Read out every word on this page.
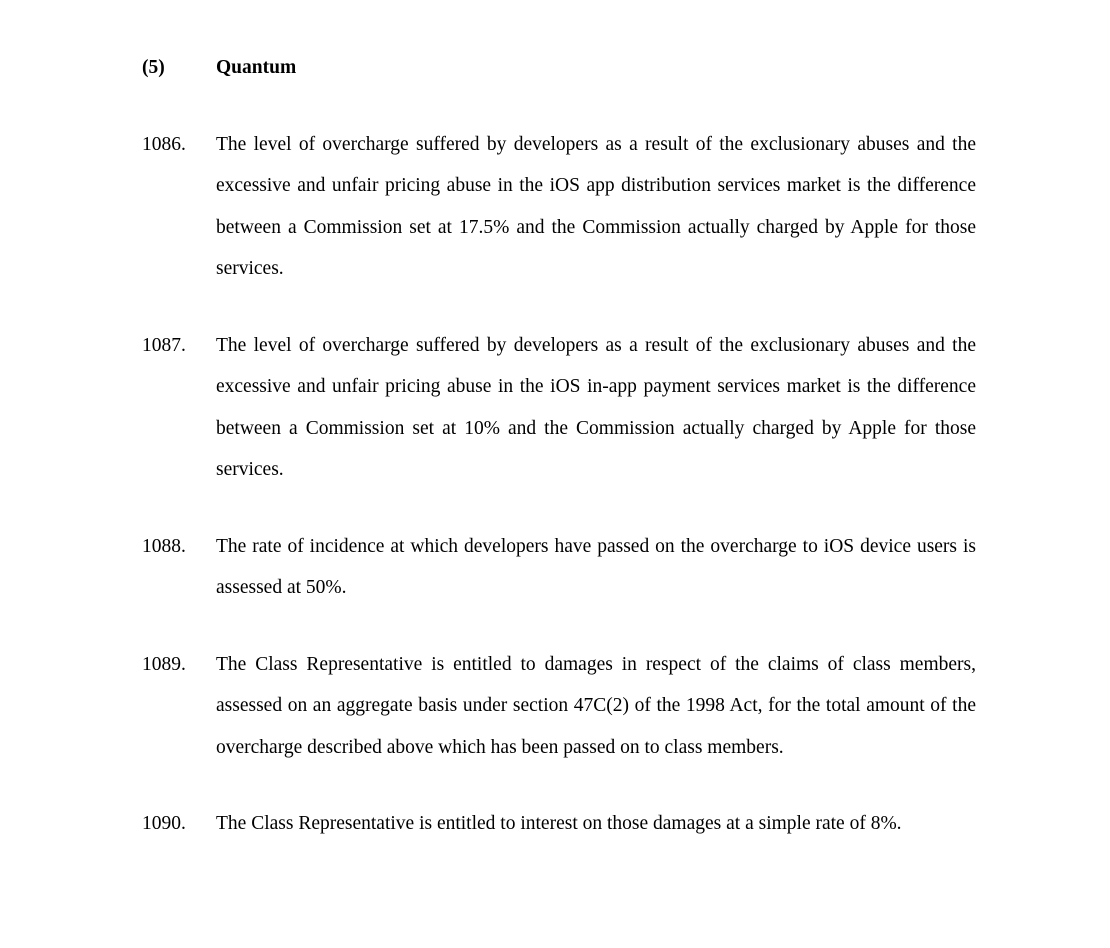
(5)	Quantum
1086.	The level of overcharge suffered by developers as a result of the exclusionary abuses and the excessive and unfair pricing abuse in the iOS app distribution services market is the difference between a Commission set at 17.5% and the Commission actually charged by Apple for those services.
1087.	The level of overcharge suffered by developers as a result of the exclusionary abuses and the excessive and unfair pricing abuse in the iOS in-app payment services market is the difference between a Commission set at 10% and the Commission actually charged by Apple for those services.
1088.	The rate of incidence at which developers have passed on the overcharge to iOS device users is assessed at 50%.
1089.	The Class Representative is entitled to damages in respect of the claims of class members, assessed on an aggregate basis under section 47C(2) of the 1998 Act, for the total amount of the overcharge described above which has been passed on to class members.
1090.	The Class Representative is entitled to interest on those damages at a simple rate of 8%.
